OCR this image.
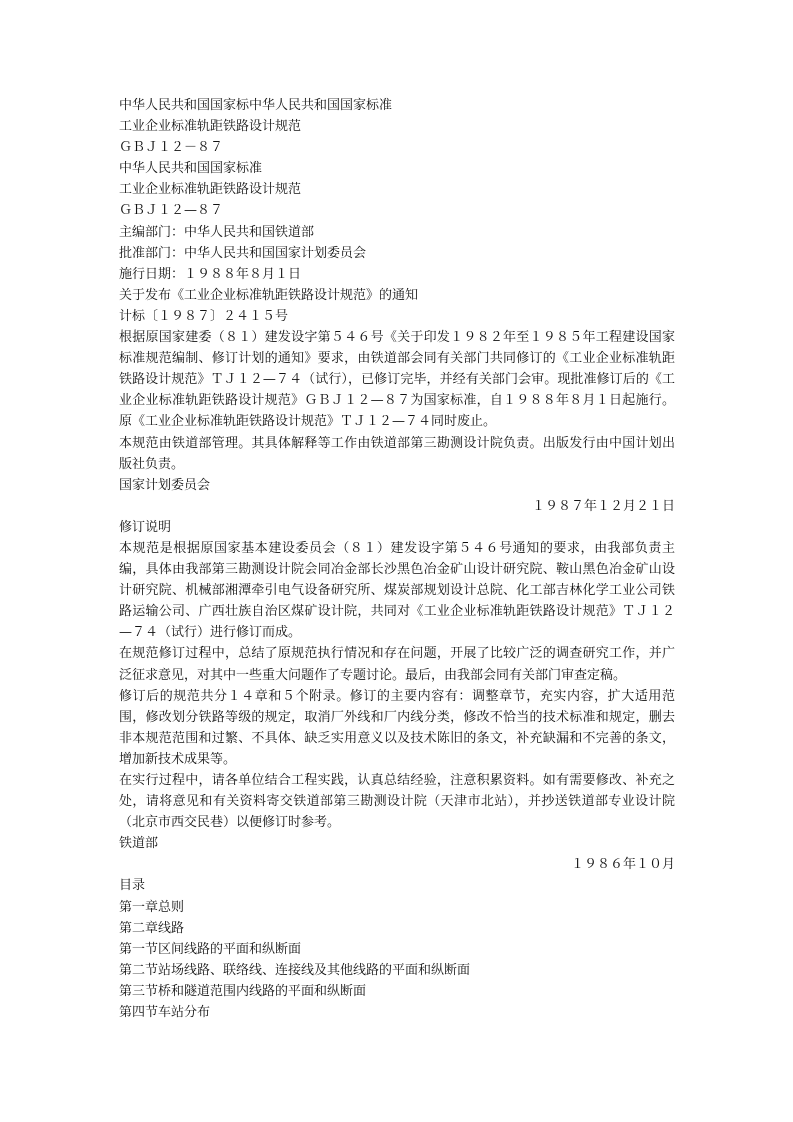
中华人民共和国国家标中华人民共和国国家标准
工业企业标准轨距铁路设计规范
ＧＢＪ１２－８７
中华人民共和国国家标准
工业企业标准轨距铁路设计规范
ＧＢＪ１２—８７
主编部门：中华人民共和国铁道部
批准部门：中华人民共和国国家计划委员会
施行日期：１９８８年８月１日
关于发布《工业企业标准轨距铁路设计规范》的通知
计标〔１９８７〕２４１５号
根据原国家建委（８１）建发设字第５４６号《关于印发１９８２年至１９８５年工程建设国家标准规范编制、修订计划的通知》要求，由铁道部会同有关部门共同修订的《工业企业标准轨距铁路设计规范》ＴＪ１２—７４（试行），已修订完毕，并经有关部门会审。现批准修订后的《工业企业标准轨距铁路设计规范》ＧＢＪ１２—８７为国家标准，自１９８８年８月１日起施行。原《工业企业标准轨距铁路设计规范》ＴＪ１２—７４同时废止。
本规范由铁道部管理。其具体解释等工作由铁道部第三勘测设计院负责。出版发行由中国计划出版社负责。
国家计划委员会
１９８７年１２月２１日
修订说明
本规范是根据原国家基本建设委员会（８１）建发设字第５４６号通知的要求，由我部负责主编，具体由我部第三勘测设计院会同冶金部长沙黑色冶金矿山设计研究院、鞍山黑色冶金矿山设计研究院、机械部湘潭牵引电气设备研究所、煤炭部规划设计总院、化工部吉林化学工业公司铁路运输公司、广西壮族自治区煤矿设计院，共同对《工业企业标准轨距铁路设计规范》ＴＪ１２—７４（试行）进行修订而成。
在规范修订过程中，总结了原规范执行情况和存在问题，开展了比较广泛的调查研究工作，并广泛征求意见，对其中一些重大问题作了专题讨论。最后，由我部会同有关部门审查定稿。
修订后的规范共分１４章和５个附录。修订的主要内容有：调整章节，充实内容，扩大适用范围，修改划分铁路等级的规定，取消厂外线和厂内线分类，修改不恰当的技术标准和规定，删去非本规范范围和过繁、不具体、缺乏实用意义以及技术陈旧的条文，补充缺漏和不完善的条文，增加新技术成果等。
在实行过程中，请各单位结合工程实践，认真总结经验，注意积累资料。如有需要修改、补充之处，请将意见和有关资料寄交铁道部第三勘测设计院（天津市北站），并抄送铁道部专业设计院（北京市西交民巷）以便修订时参考。
铁道部
１９８６年１０月
目录
第一章总则
第二章线路
第一节区间线路的平面和纵断面
第二节站场线路、联络线、连接线及其他线路的平面和纵断面
第三节桥和隧道范围内线路的平面和纵断面
第四节车站分布
